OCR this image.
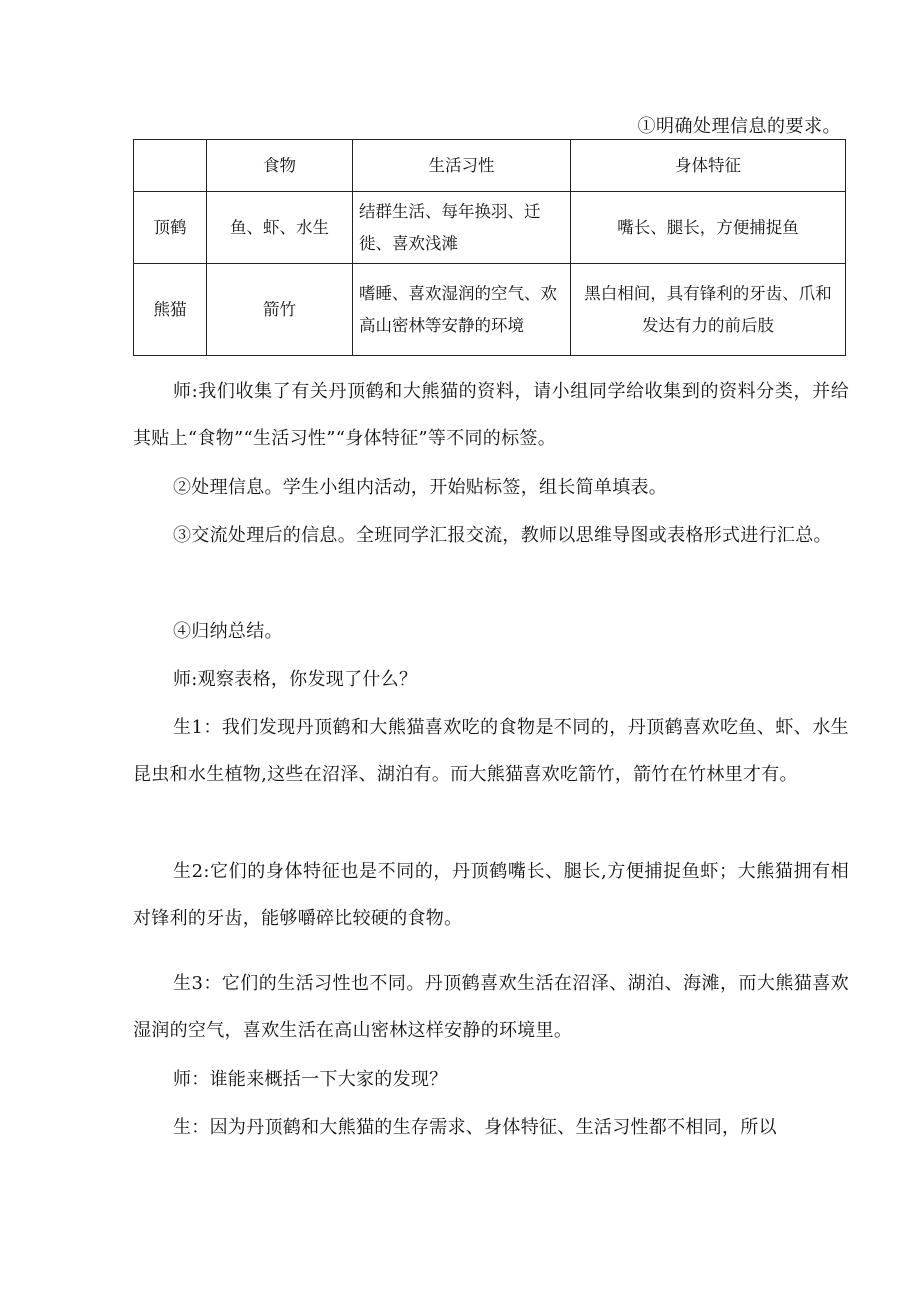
①明确处理信息的要求。
	食物	生活习性	身体特征
顶鹤	鱼、虾、水生	结群生活、每年换羽、迁徙、喜欢浅滩	嘴长、腿长，方便捕捉鱼
熊猫	箭竹	嗜睡、喜欢湿润的空气、欢高山密林等安静的环境	黑白相间，具有锋利的牙齿、爪和发达有力的前后肢
师:我们收集了有关丹顶鹤和大熊猫的资料，请小组同学给收集到的资料分类，并给其贴上“食物”“生活习性”“身体特征”等不同的标签。
②处理信息。学生小组内活动，开始贴标签，组长简单填表。
③交流处理后的信息。全班同学汇报交流，教师以思维导图或表格形式进行汇总。
④归纳总结。
师:观察表格，你发现了什么？
生1：我们发现丹顶鹤和大熊猫喜欢吃的食物是不同的，丹顶鹤喜欢吃鱼、虾、水生昆虫和水生植物,这些在沼泽、湖泊有。而大熊猫喜欢吃箭竹，箭竹在竹林里才有。
生2:它们的身体特征也是不同的，丹顶鹤嘴长、腿长,方便捕捉鱼虾；大熊猫拥有相对锋利的牙齿，能够嚼碎比较硬的食物。
生3：它们的生活习性也不同。丹顶鹤喜欢生活在沼泽、湖泊、海滩，而大熊猫喜欢湿润的空气，喜欢生活在高山密林这样安静的环境里。
师：谁能来概括一下大家的发现？
生：因为丹顶鹤和大熊猫的生存需求、身体特征、生活习性都不相同，所以
